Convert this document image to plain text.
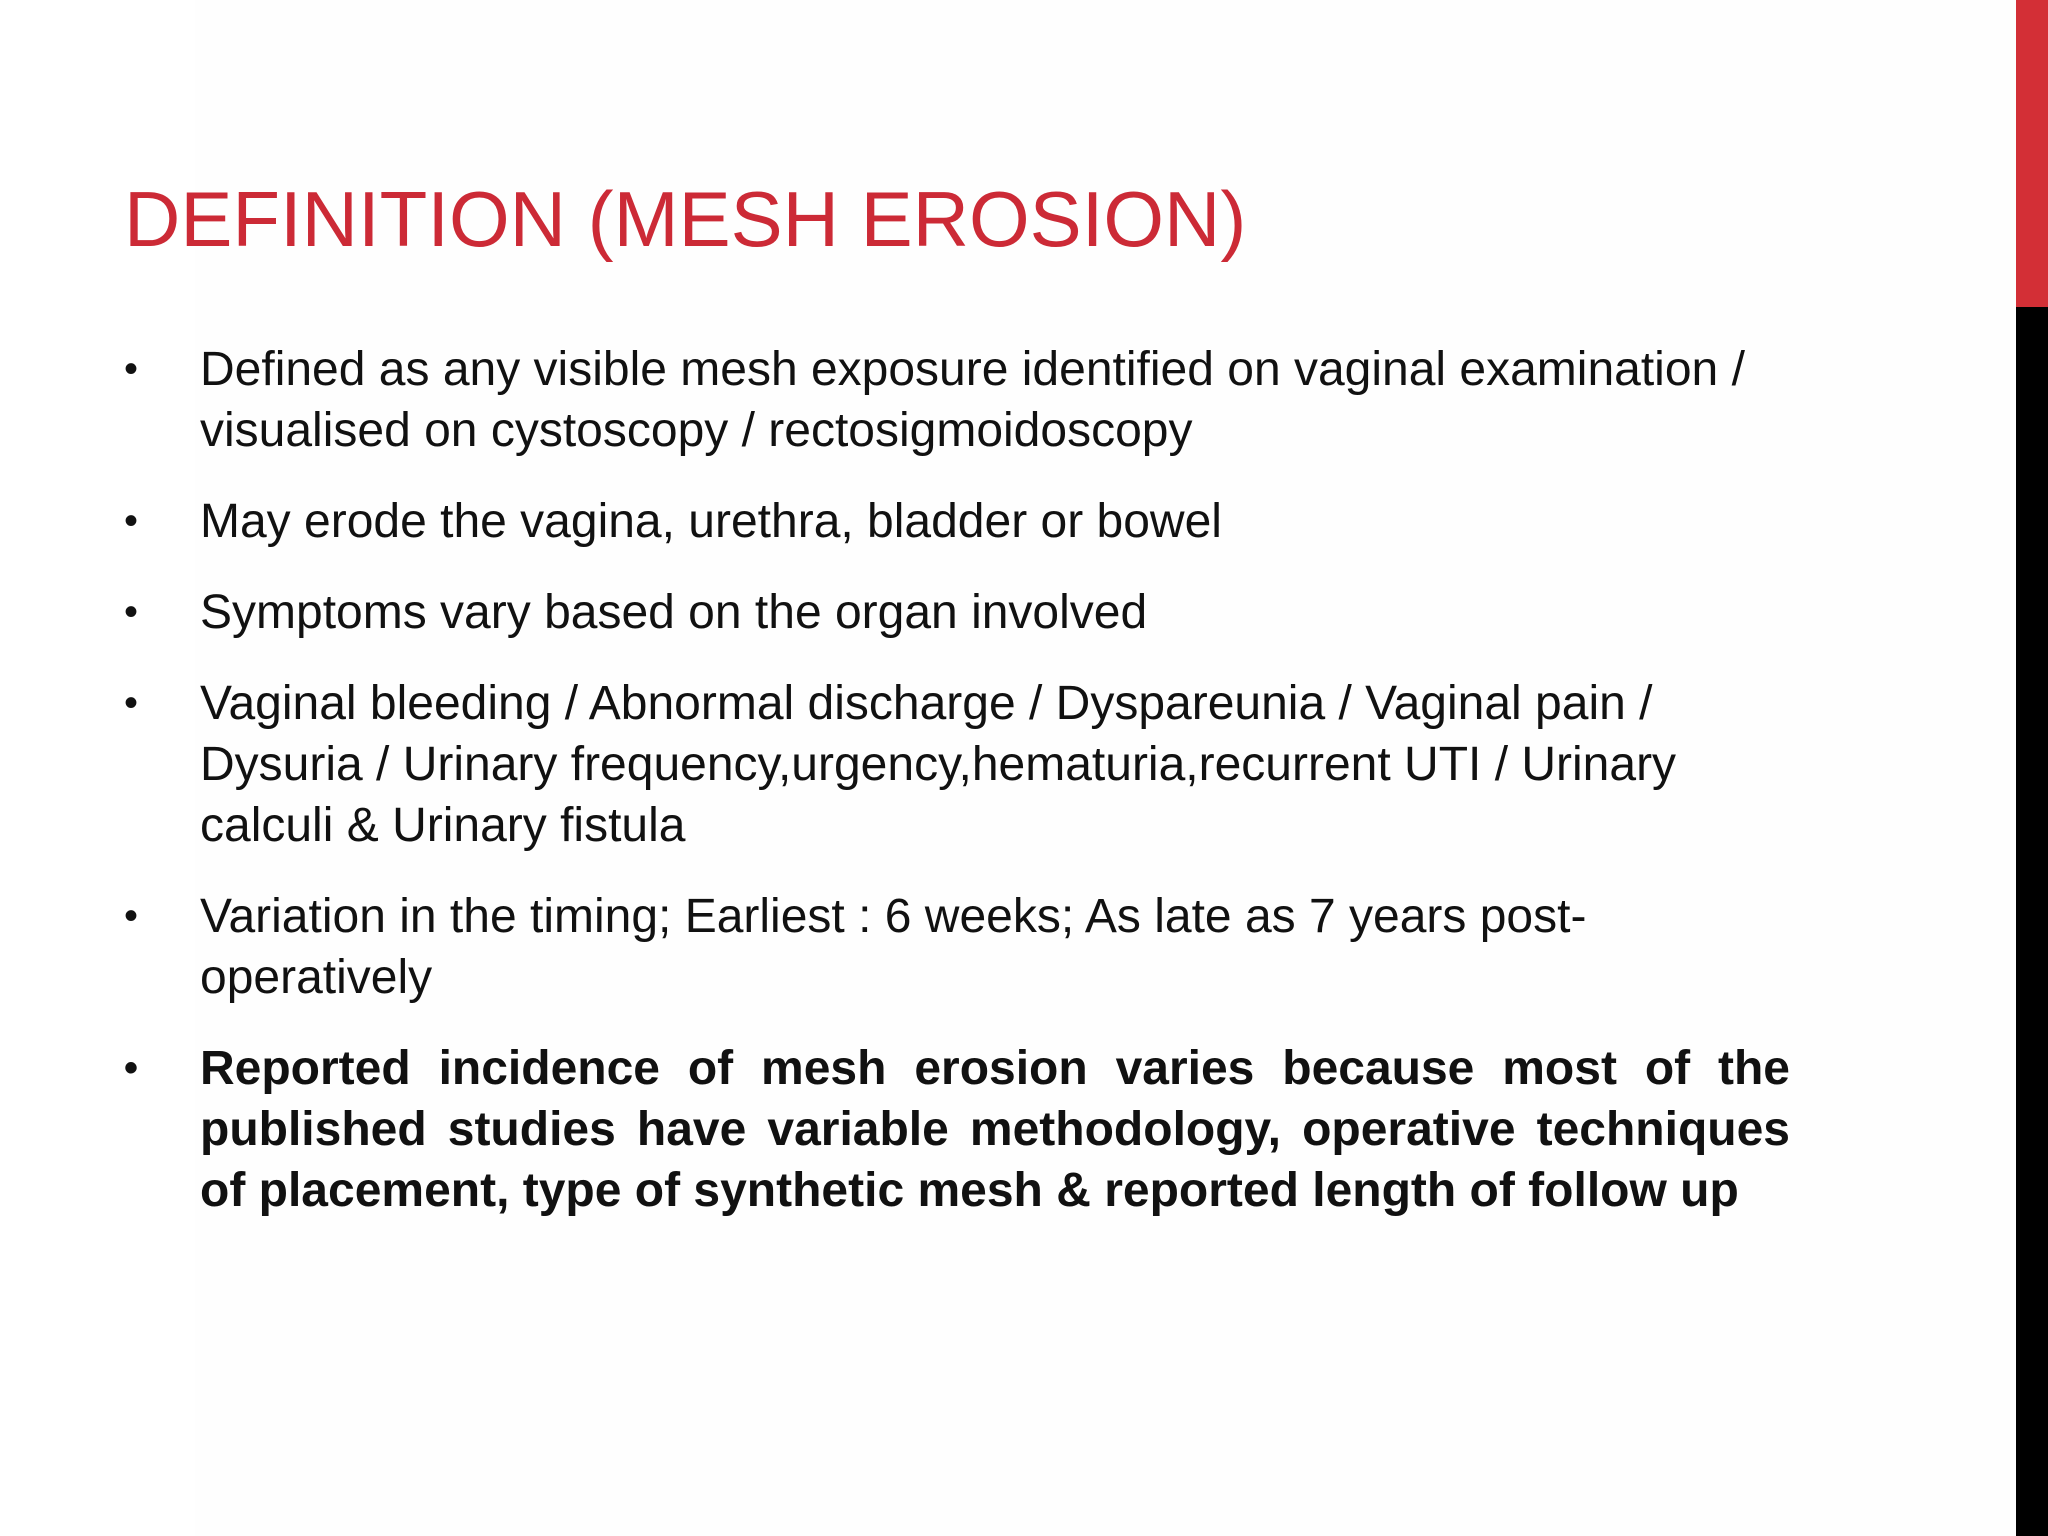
DEFINITION (MESH EROSION)
• Defined as any visible mesh exposure identified on vaginal examination / visualised on cystoscopy / rectosigmoidoscopy
• May erode the vagina, urethra, bladder or bowel
• Symptoms vary based on the organ involved
• Vaginal bleeding / Abnormal discharge / Dyspareunia / Vaginal pain / Dysuria / Urinary frequency,urgency,hematuria,recurrent UTI / Urinary calculi & Urinary fistula
• Variation in the timing; Earliest : 6 weeks; As late as 7 years post-operatively
• Reported incidence of mesh erosion varies because most of the published studies have variable methodology, operative techniques of placement, type of synthetic mesh & reported length of follow up
